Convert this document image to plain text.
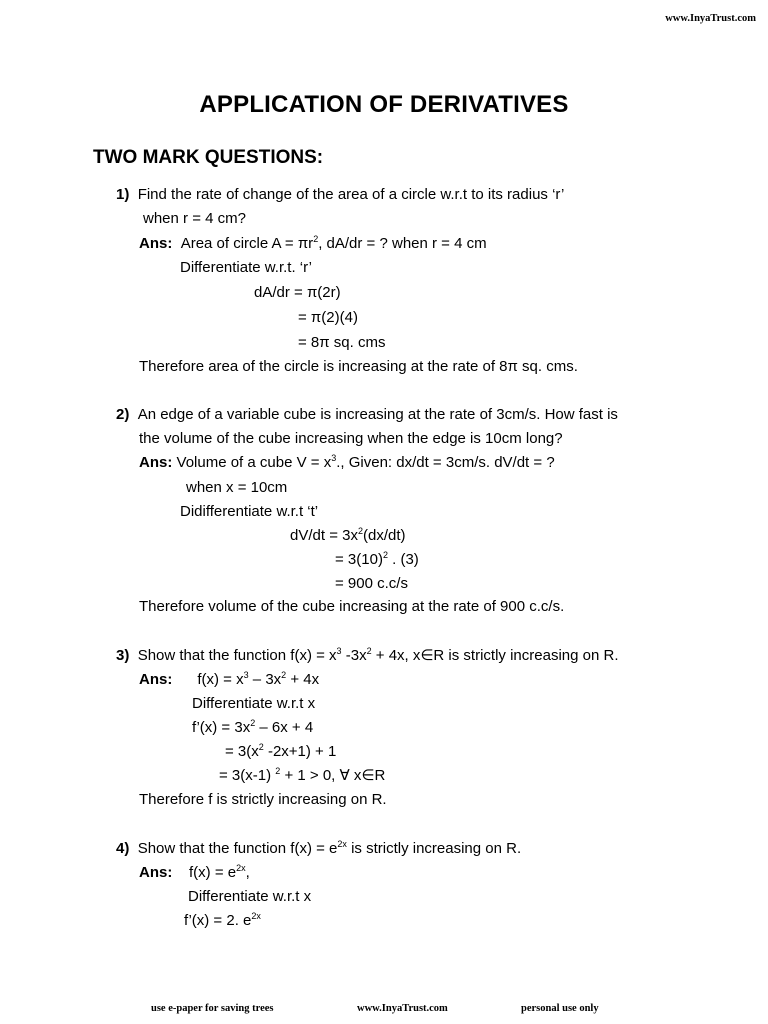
www.InyaTrust.com
APPLICATION OF DERIVATIVES
TWO MARK QUESTIONS:
1) Find the rate of change of the area of a circle w.r.t to its radius ‘r’
when r = 4 cm?
Ans: Area of circle $A = \pi r^2$, dA/dr = ? when r = 4 cm
Differentiate w.r.t. ‘r’
dA/dr = π(2r)
= π(2)(4)
= 8π sq. cms
Therefore area of the circle is increasing at the rate of 8π sq. cms.
2) An edge of a variable cube is increasing at the rate of 3cm/s. How fast is
the volume of the cube increasing when the edge is 10cm long?
Ans: Volume of a cube $V = x^3$., Given: dx/dt = 3cm/s. dV/dt = ?
when x = 10cm
Didifferentiate w.r.t ‘t’
$dV/dt = 3x^2(dx/dt)$
= $3(10)^2$ . (3)
= 900 c.c/s
Therefore volume of the cube increasing at the rate of 900 c.c/s.
3) Show that the function $f(x) = x^3$ $-3x^2 + 4x$, x∈R is strictly increasing on R.
Ans: $f(x) = x^3 - 3x^2 + 4x$
Differentiate w.r.t x
f’(x) = $3x^2 - 6x + 4$
= $3(x^2$ -2x+1) + 1
= 3(x-1) $^2$ + 1 > 0, ∀ x∈R
Therefore f is strictly increasing on R.
4) Show that the function $f(x) = e^{2x}$ is strictly increasing on R.
Ans: $f(x) = e^{2x}$,
Differentiate w.r.t x
f’(x) = 2. $e^{2x}$
use e-paper for saving trees	www.InyaTrust.com	personal use only
